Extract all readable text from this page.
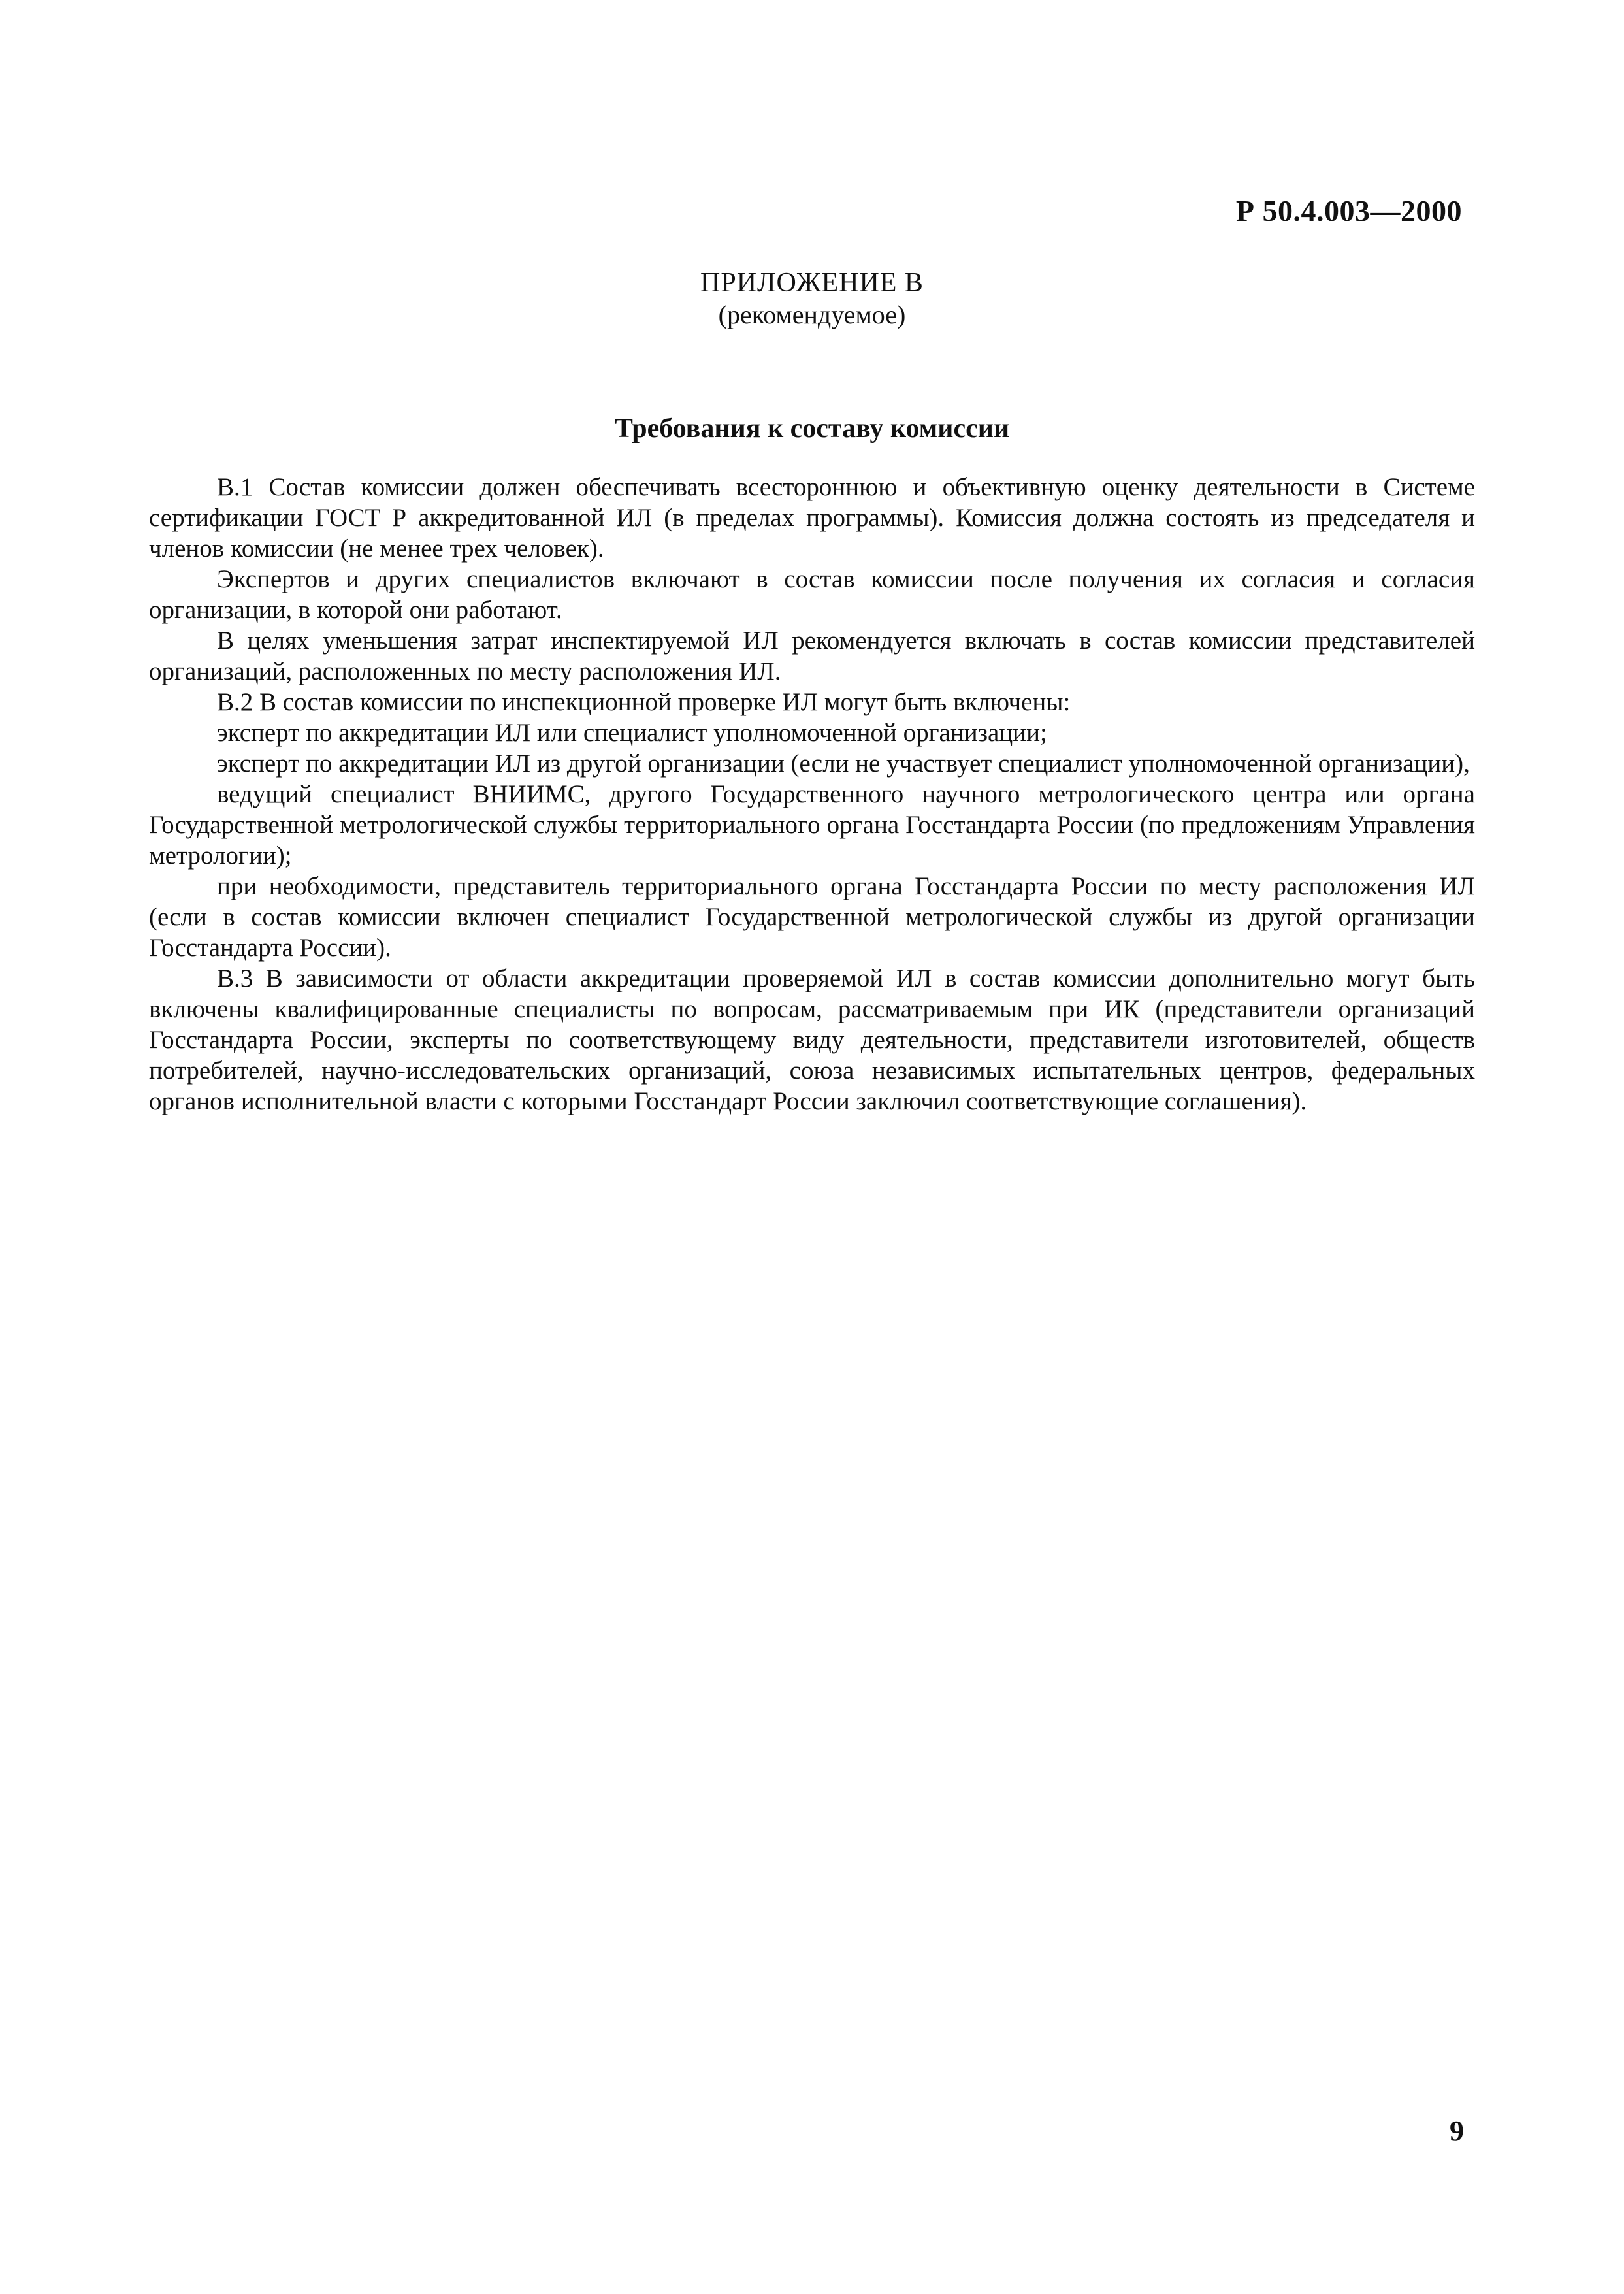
Р 50.4.003—2000
ПРИЛОЖЕНИЕ В
(рекомендуемое)
Требования к составу комиссии

В.1 Состав комиссии должен обеспечивать всестороннюю и объективную оценку деятельности в Системе сертификации ГОСТ Р аккредитованной ИЛ (в пределах программы). Комиссия должна состоять из председателя и членов комиссии (не менее трех человек).

Экспертов и других специалистов включают в состав комиссии после получения их согласия и согласия организации, в которой они работают.

В целях уменьшения затрат инспектируемой ИЛ рекомендуется включать в состав комиссии представителей организаций, расположенных по месту расположения ИЛ.

В.2 В состав комиссии по инспекционной проверке ИЛ могут быть включены:

эксперт по аккредитации ИЛ или специалист уполномоченной организации;

эксперт по аккредитации ИЛ из другой организации (если не участвует специалист уполномоченной организации),

ведущий специалист ВНИИМС, другого Государственного научного метрологического центра или органа Государственной метрологической службы территориального органа Госстандарта России (по предложениям Управления метрологии);

при необходимости, представитель территориального органа Госстандарта России по месту расположения ИЛ (если в состав комиссии включен специалист Государственной метрологической службы из другой организации Госстандарта России).

В.3 В зависимости от области аккредитации проверяемой ИЛ в состав комиссии дополнительно могут быть включены квалифицированные специалисты по вопросам, рассматриваемым при ИК (представители организаций Госстандарта России, эксперты по соответствующему виду деятельности, представители изготовителей, обществ потребителей, научно-исследовательских организаций, союза независимых испытательных центров, федеральных органов исполнительной власти с которыми Госстандарт России заключил соответствующие соглашения).

9
